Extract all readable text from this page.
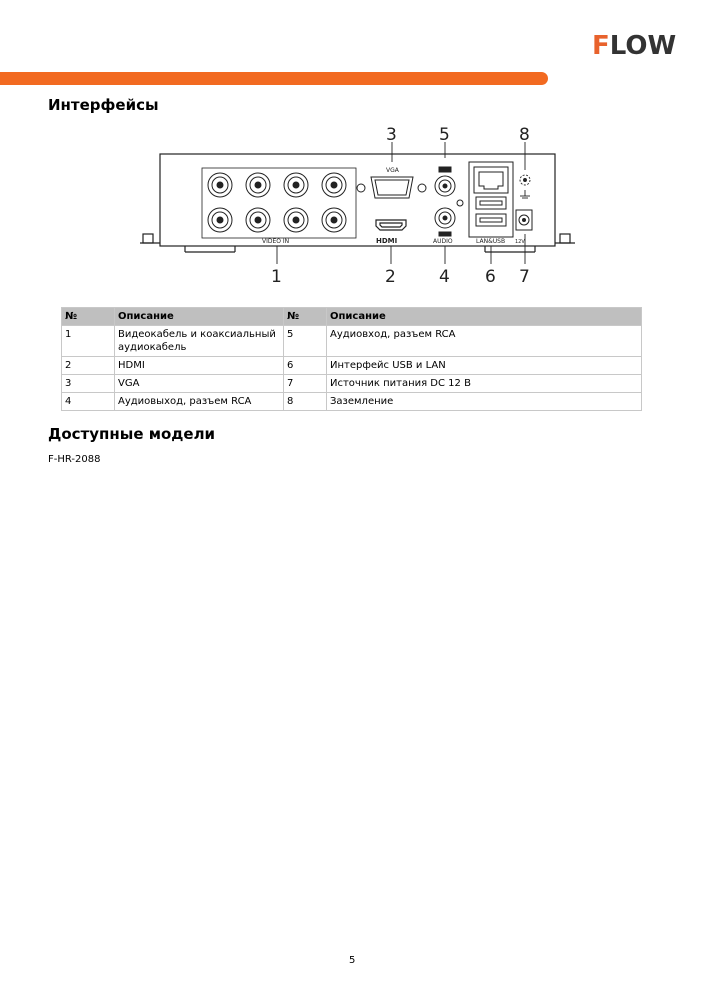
FLOW
Интерфейсы
VIDEO IN
VGA
HDMI	AUDIO	LAN&USB 12V
3 5	8
1	2	4 6 7
№	Описание	№	Описание
1	Видеокабель и коаксиальный аудиокабель	5	Аудиовход, разъем RCA
2	HDMI	6	Интерфейс USB и LAN
3	VGA	7	Источник питания DC 12 В
4	Аудиовыход, разъем RCA	8	Заземление
Доступные модели
F-HR-2088
5
